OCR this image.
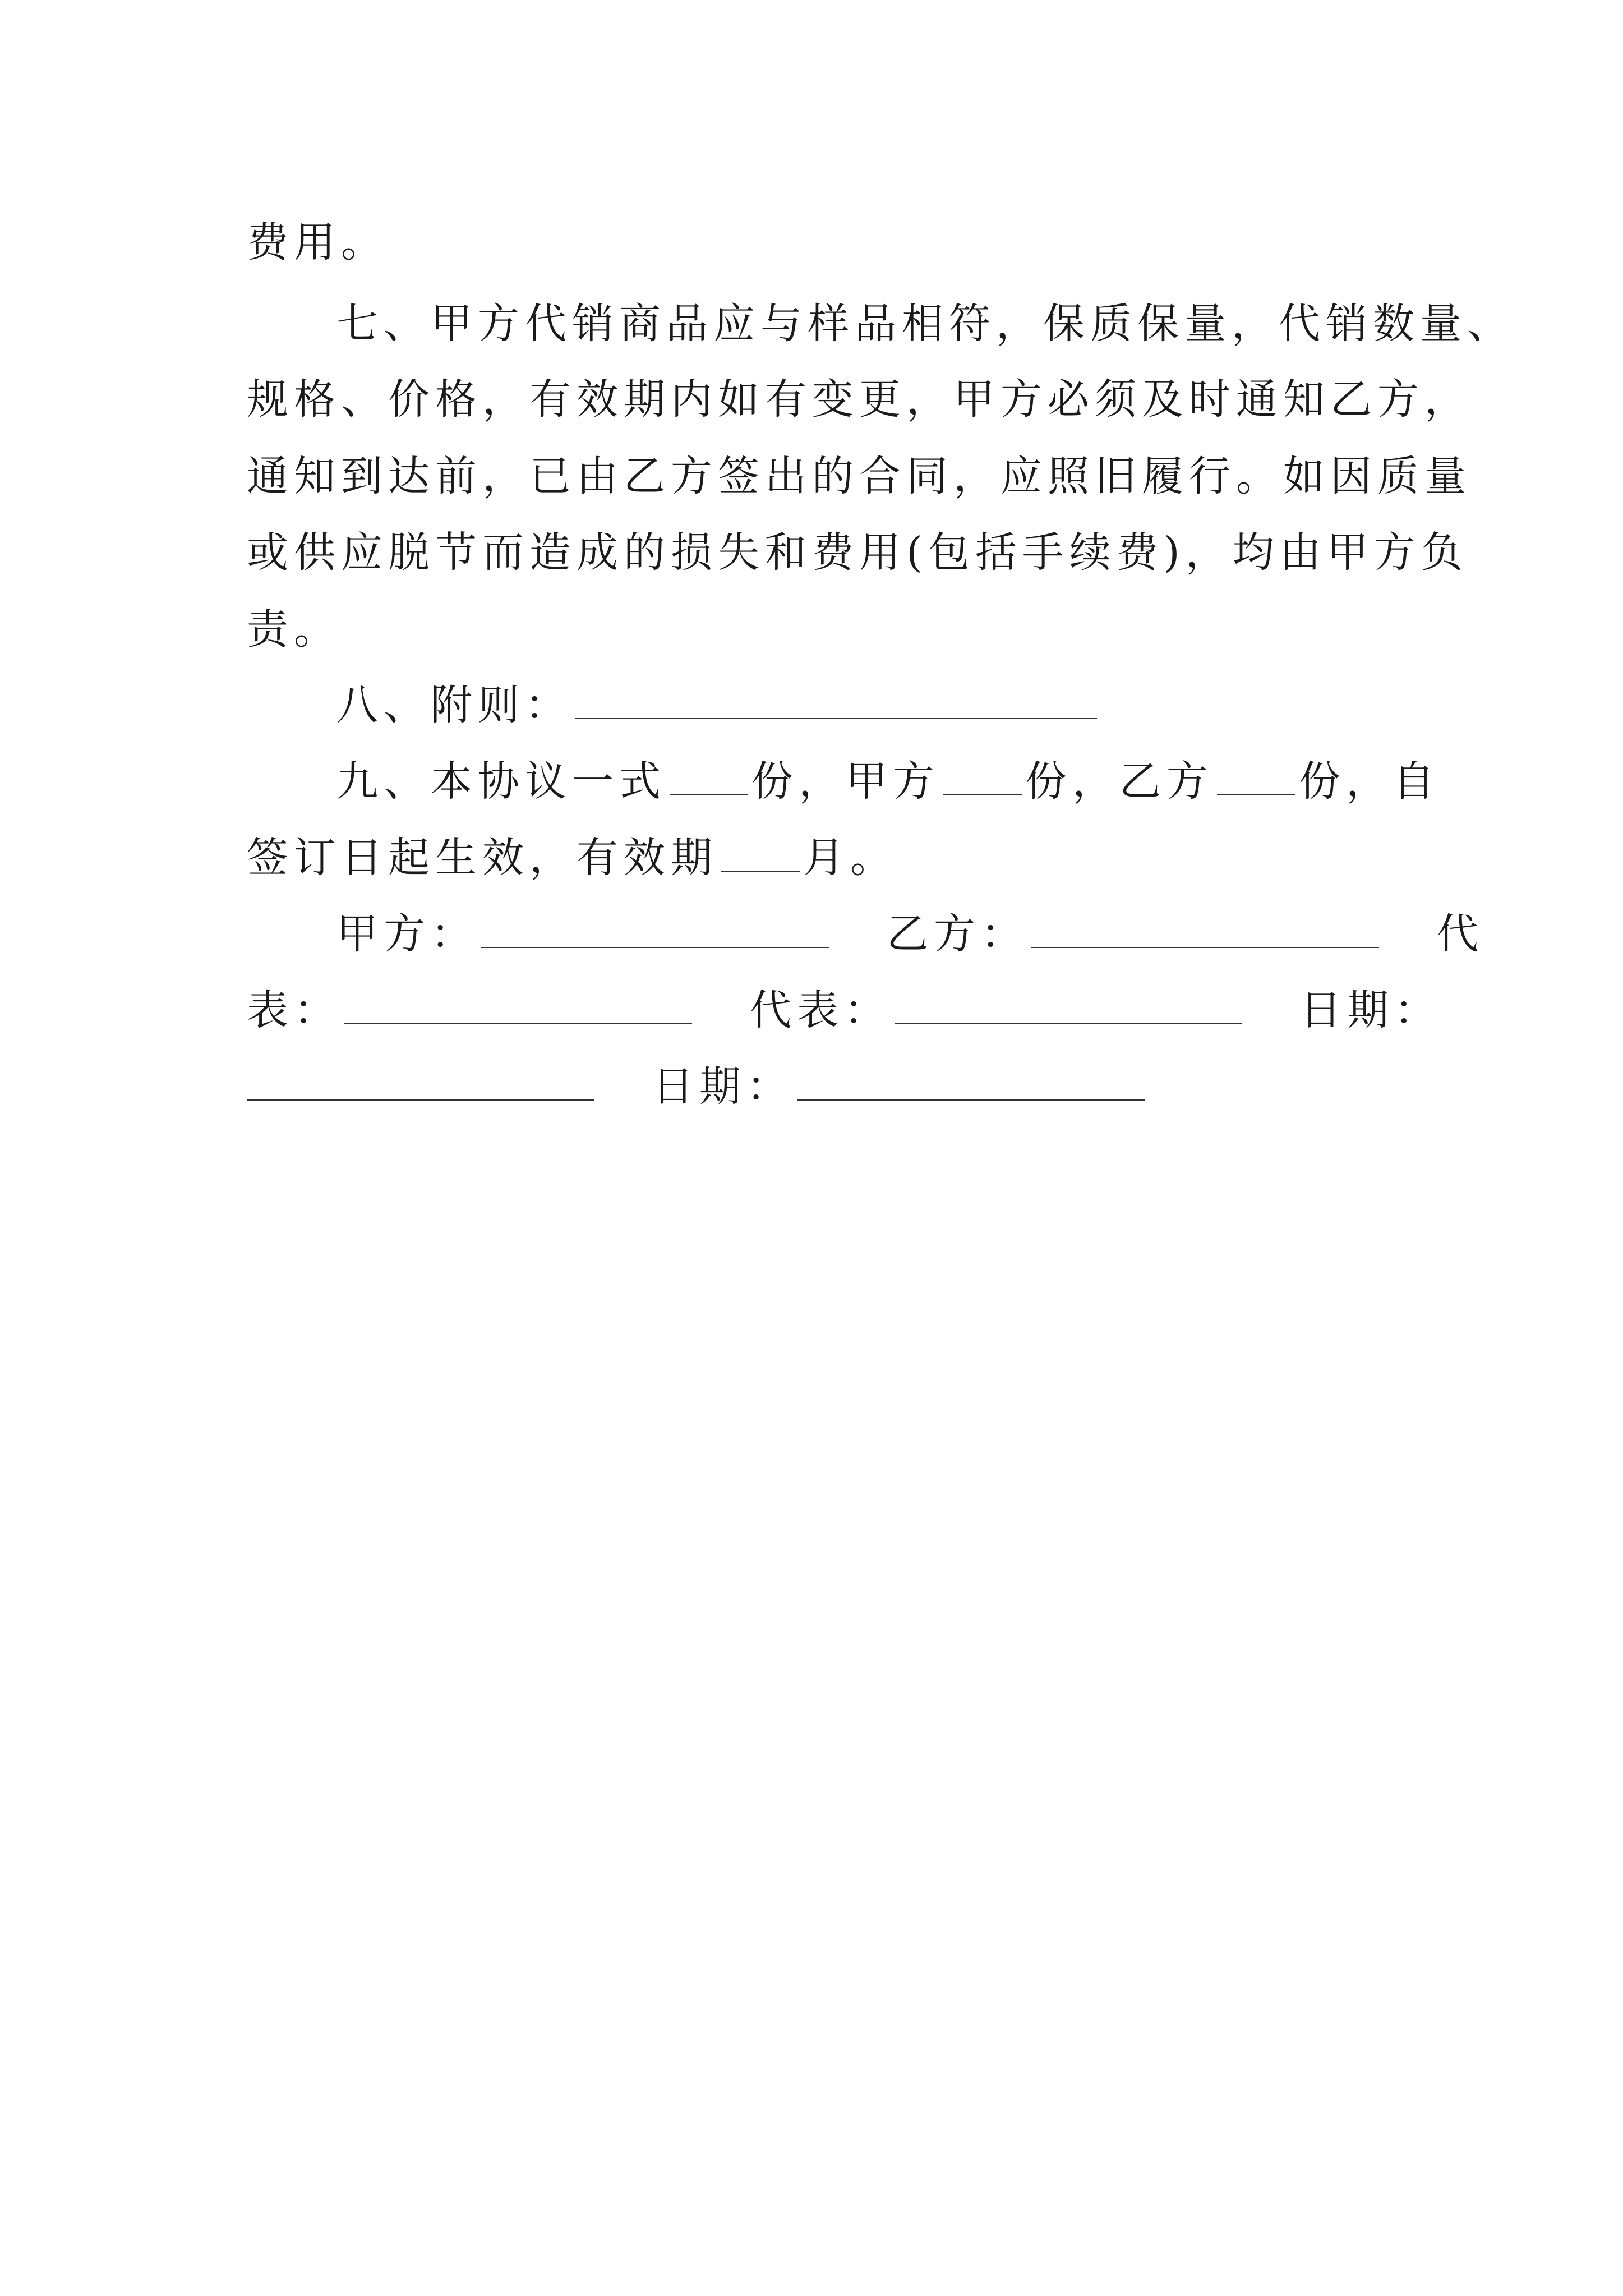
费用。
七、甲方代销商品应与样品相符，保质保量，代销数量、
规格、价格，有效期内如有变更，甲方必须及时通知乙方，
通知到达前，已由乙方签出的合同，应照旧履行。如因质量
或供应脱节而造成的损失和费用(包括手续费)，均由甲方负
责。
八、附则：
九、本协议一式 份，甲方 份，乙方 份，自
签订日起生效，有效期 月。
甲方：	乙方：	代
表：	代表：	日期：
日期：
